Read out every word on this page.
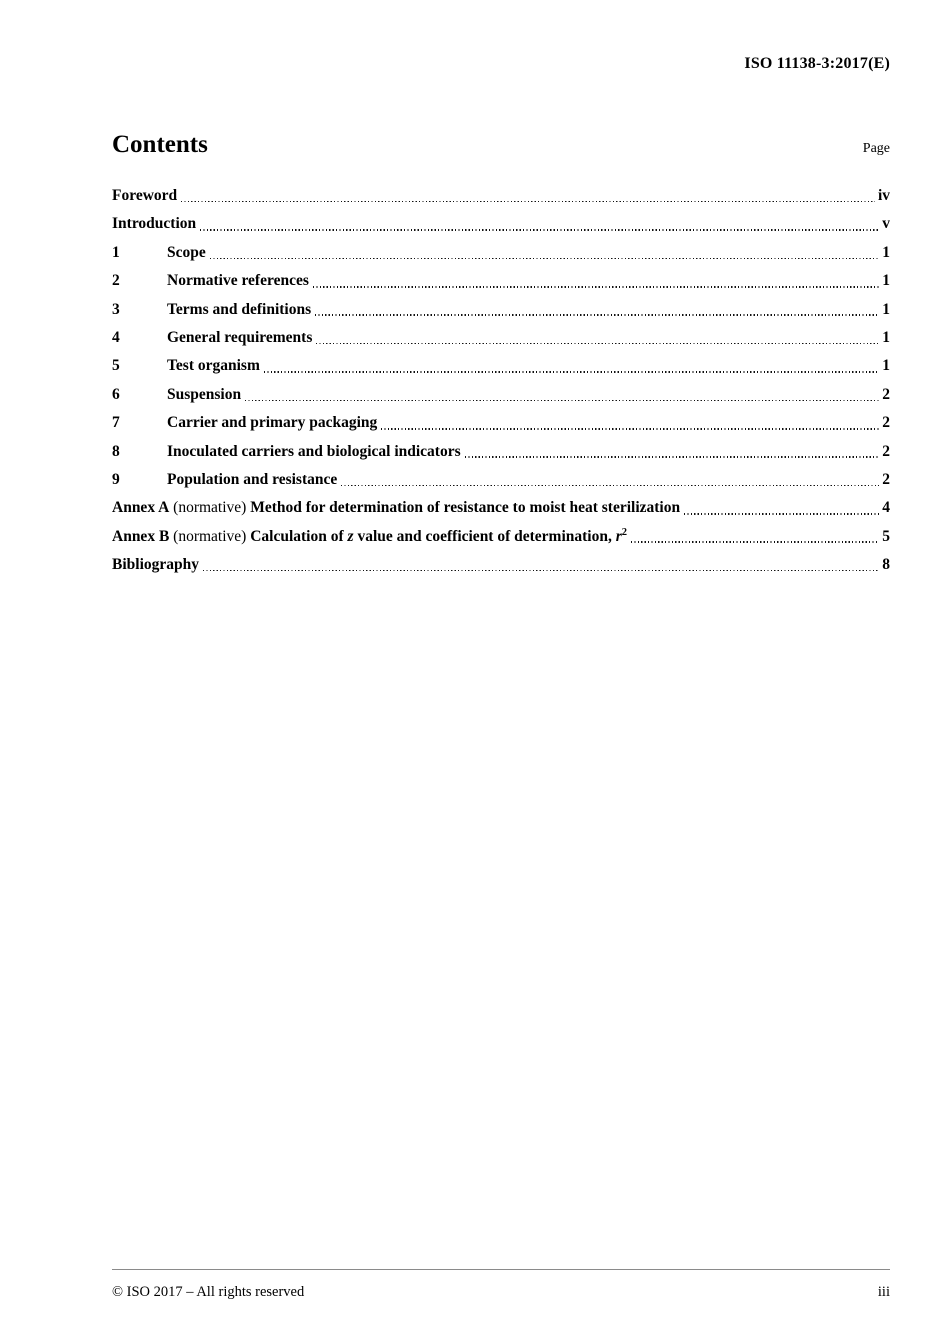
ISO 11138-3:2017(E)
Contents	Page
Foreword	iv
Introduction	v
1	Scope	1
2	Normative references	1
3	Terms and definitions	1
4	General requirements	1
5	Test organism	1
6	Suspension	2
7	Carrier and primary packaging	2
8	Inoculated carriers and biological indicators	2
9	Population and resistance	2
Annex A (normative) Method for determination of resistance to moist heat sterilization	4
Annex B (normative) Calculation of z value and coefficient of determination, $r^2$	5
Bibliography	8
© ISO 2017 – All rights reserved	iii
